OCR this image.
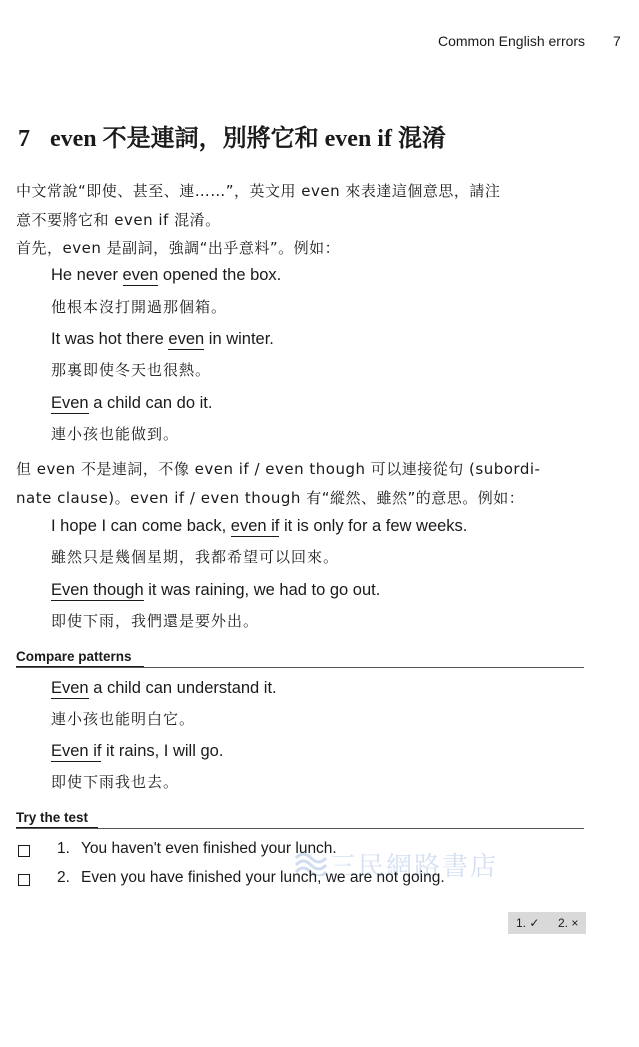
Common English errors 7
7 even 不是連詞，別將它和 even if 混淆
中文常說“即使、甚至、連……”，英文用 even 來表達這個意思，請注
意不要將它和 even if 混淆。
首先，even 是副詞，強調“出乎意料”。例如：
He never even opened the box.
他根本沒打開過那個箱。
It was hot there even in winter.
那裏即使冬天也很熱。
Even a child can do it.
連小孩也能做到。
但 even 不是連詞，不像 even if / even though 可以連接從句 (subordi-
nate clause)。even if / even though 有“縱然、雖然”的意思。例如：
I hope I can come back, even if it is only for a few weeks.
雖然只是幾個星期，我都希望可以回來。
Even though it was raining, we had to go out.
即使下雨，我們還是要外出。
Compare patterns
Even a child can understand it.
連小孩也能明白它。
Even if it rains, I will go.
即使下雨我也去。
Try the test
三民網路書店
1. You haven't even finished your lunch.
2. Even you have finished your lunch, we are not going.
1. ✓ 2. ×
